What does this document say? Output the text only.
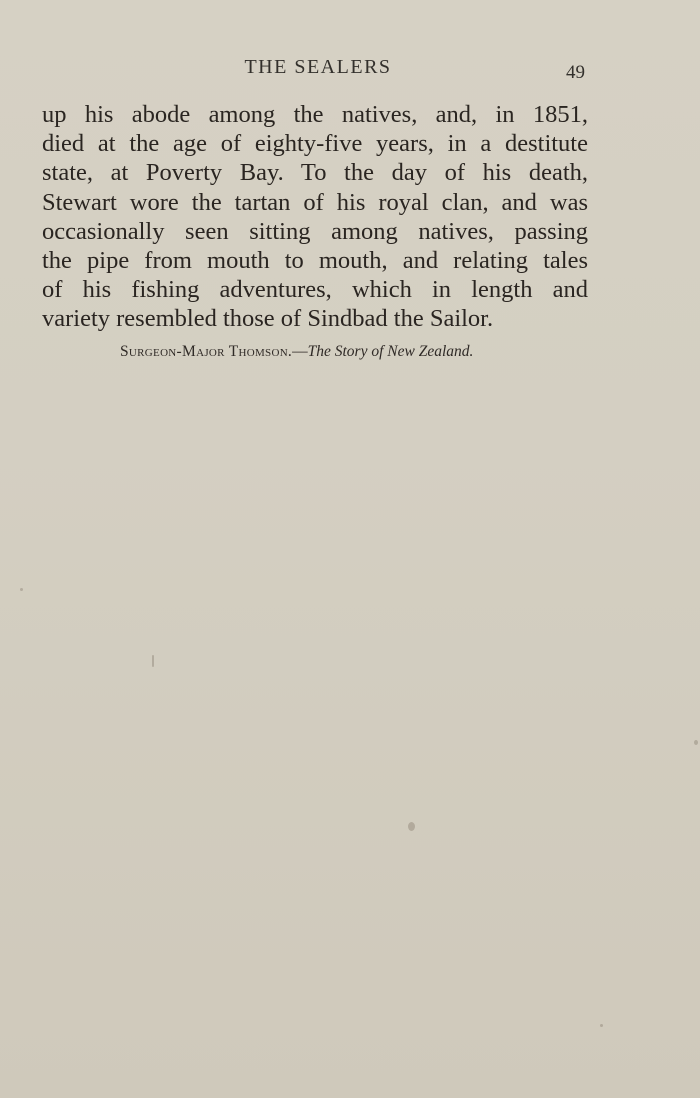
THE SEALERS	49
up his abode among the natives, and, in 1851,
died at the age of eighty-five years, in a destitute
state, at Poverty Bay. To the day of his death,
Stewart wore the tartan of his royal clan, and was
occasionally seen sitting among natives, passing
the pipe from mouth to mouth, and relating tales
of his fishing adventures, which in length and
variety resembled those of Sindbad the Sailor.
Surgeon-Major Thomson.—The Story of New Zealand.
